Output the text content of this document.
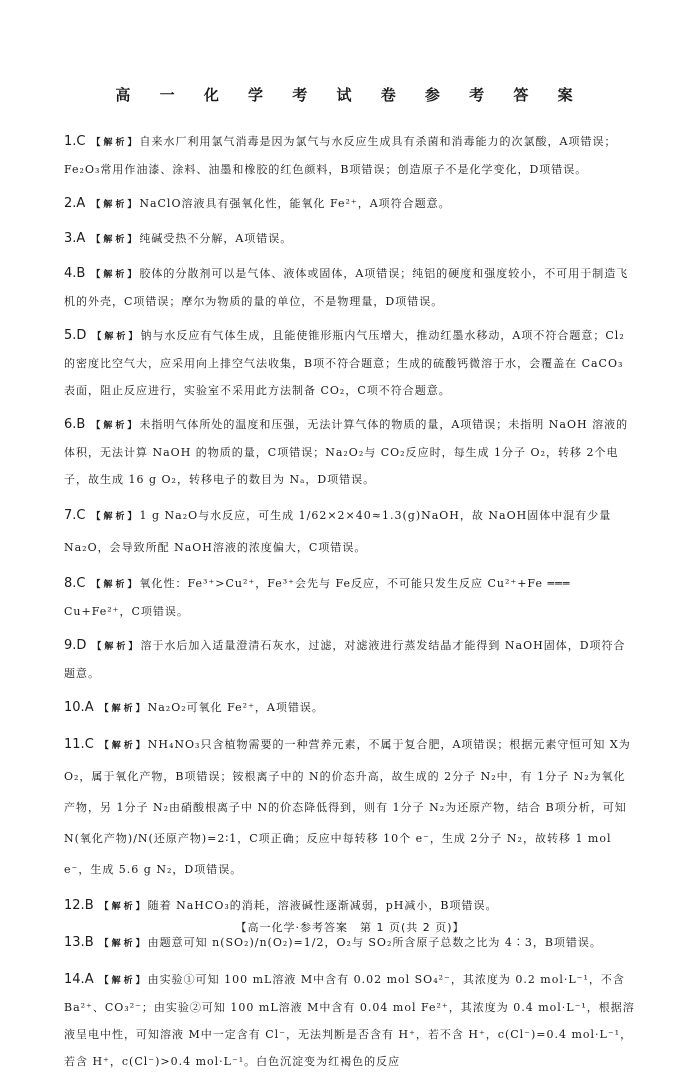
高 一 化 学 考 试 卷 参 考 答 案
1.C 【解析】自来水厂利用氯气消毒是因为氯气与水反应生成具有杀菌和消毒能力的次氯酸，A项错误；Fe₂O₃常用作油漆、涂料、油墨和橡胶的红色颜料，B项错误；创造原子不是化学变化，D项错误。
2.A 【解析】NaClO溶液具有强氧化性，能氧化 Fe²⁺，A项符合题意。
3.A 【解析】纯碱受热不分解，A项错误。
4.B 【解析】胶体的分散剂可以是气体、液体或固体，A项错误；纯铝的硬度和强度较小，不可用于制造飞机的外壳，C项错误；摩尔为物质的量的单位，不是物理量，D项错误。
5.D 【解析】钠与水反应有气体生成，且能使锥形瓶内气压增大，推动红墨水移动，A项不符合题意；Cl₂的密度比空气大，应采用向上排空气法收集，B项不符合题意；生成的硫酸钙微溶于水，会覆盖在 CaCO₃ 表面，阻止反应进行，实验室不采用此方法制备 CO₂，C项不符合题意。
6.B 【解析】未指明气体所处的温度和压强，无法计算气体的物质的量，A项错误；未指明 NaOH 溶液的体积，无法计算 NaOH 的物质的量，C项错误；Na₂O₂与 CO₂反应时，每生成 1分子 O₂，转移 2个电子，故生成 16 g O₂，转移电子的数目为 Nₐ，D项错误。
7.C 【解析】1 g Na₂O与水反应，可生成 1/62×2×40≈1.3(g)NaOH，故 NaOH固体中混有少量 Na₂O，会导致所配 NaOH溶液的浓度偏大，C项错误。
8.C 【解析】氧化性：Fe³⁺>Cu²⁺，Fe³⁺会先与 Fe反应，不可能只发生反应 Cu²⁺+Fe ═══ Cu+Fe²⁺，C项错误。
9.D 【解析】溶于水后加入适量澄清石灰水，过滤，对滤液进行蒸发结晶才能得到 NaOH固体，D项符合题意。
10.A 【解析】Na₂O₂可氧化 Fe²⁺，A项错误。
11.C 【解析】NH₄NO₃只含植物需要的一种营养元素，不属于复合肥，A项错误；根据元素守恒可知 X为 O₂，属于氧化产物，B项错误；铵根离子中的 N的价态升高，故生成的 2分子 N₂中，有 1分子 N₂为氧化产物，另 1分子 N₂由硝酸根离子中 N的价态降低得到，则有 1分子 N₂为还原产物，结合 B项分析，可知 N(氧化产物)/N(还原产物)=2∶1，C项正确；反应中每转移 10个 e⁻，生成 2分子 N₂，故转移 1 mol e⁻，生成 5.6 g N₂，D项错误。
12.B 【解析】随着 NaHCO₃的消耗，溶液碱性逐渐减弱，pH减小，B项错误。
13.B 【解析】由题意可知 n(SO₂)/n(O₂)=1/2，O₂与 SO₂所含原子总数之比为 4∶3，B项错误。
14.A 【解析】由实验①可知 100 mL溶液 M中含有 0.02 mol SO₄²⁻，其浓度为 0.2 mol·L⁻¹，不含 Ba²⁺、CO₃²⁻；由实验②可知 100 mL溶液 M中含有 0.04 mol Fe²⁺，其浓度为 0.4 mol·L⁻¹，根据溶液呈电中性，可知溶液 M中一定含有 Cl⁻，无法判断是否含有 H⁺，若不含 H⁺，c(Cl⁻)=0.4 mol·L⁻¹，若含 H⁺，c(Cl⁻)>0.4 mol·L⁻¹。白色沉淀变为红褐色的反应
【高一化学·参考答案　第 1 页(共 2 页)】
